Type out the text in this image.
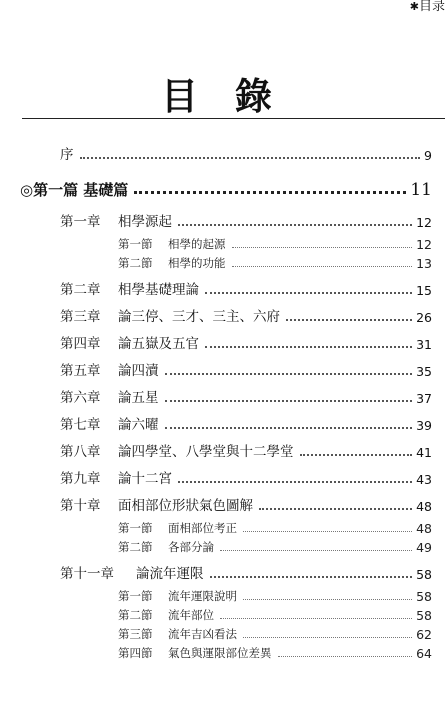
✱目录
目 錄
序	9
◎第一篇 基礎篇	11
第一章	相學源起	12
第一節	相學的起源	12
第二節	相學的功能	13
第二章	相學基礎理論	15
第三章	論三停、三才、三主、六府	26
第四章	論五嶽及五官	31
第五章	論四瀆	35
第六章	論五星	37
第七章	論六曜	39
第八章	論四學堂、八學堂與十二學堂	41
第九章	論十二宮	43
第十章	面相部位形狀氣色圖解	48
第一節	面相部位考正	48
第二節	各部分論	49
第十一章	論流年運限	58
第一節	流年運限說明	58
第二節	流年部位	58
第三節	流年吉凶看法	62
第四節	氣色與運限部位差異	64
